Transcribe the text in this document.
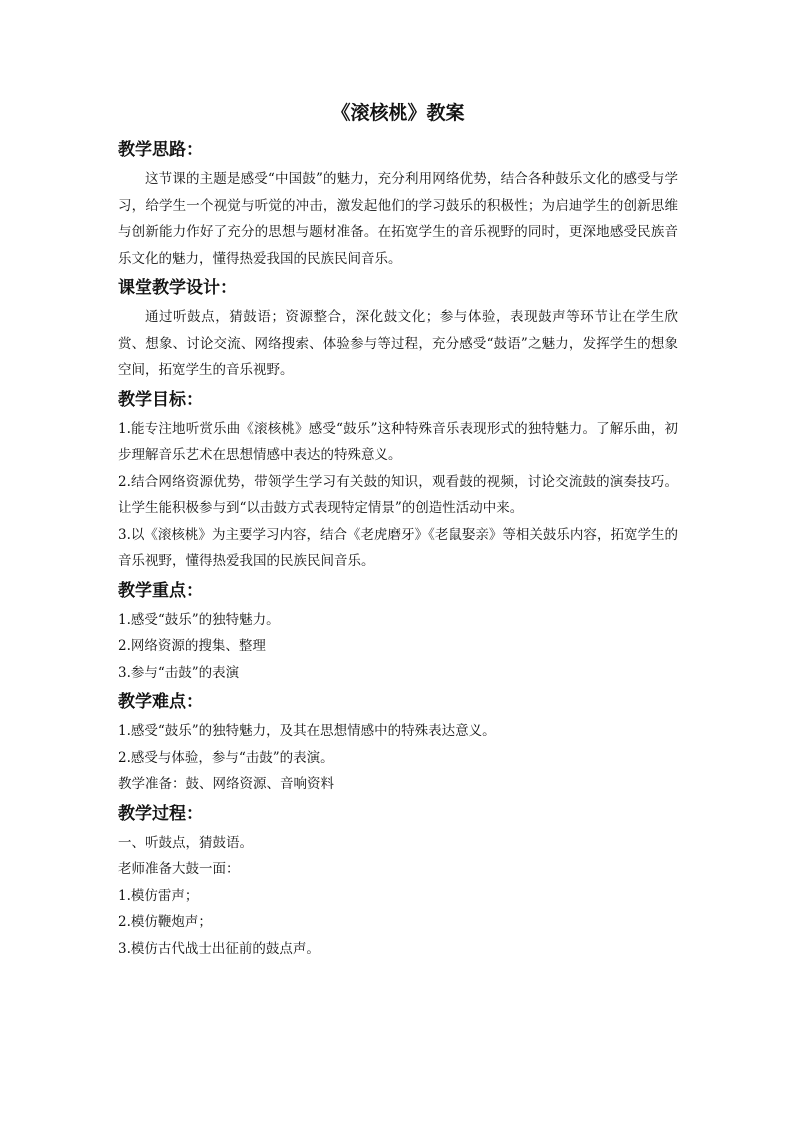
《滚核桃》教案
教学思路：

这节课的主题是感受“中国鼓”的魅力，充分利用网络优势，结合各种鼓乐文化的感受与学习，给学生一个视觉与听觉的冲击，激发起他们的学习鼓乐的积极性；为启迪学生的创新思维与创新能力作好了充分的思想与题材准备。在拓宽学生的音乐视野的同时，更深地感受民族音乐文化的魅力，懂得热爱我国的民族民间音乐。

课堂教学设计：

通过听鼓点，猜鼓语；资源整合，深化鼓文化；参与体验，表现鼓声等环节让在学生欣赏、想象、讨论交流、网络搜索、体验参与等过程，充分感受“鼓语”之魅力，发挥学生的想象空间，拓宽学生的音乐视野。

教学目标：

1.能专注地听赏乐曲《滚核桃》感受“鼓乐”这种特殊音乐表现形式的独特魅力。了解乐曲，初步理解音乐艺术在思想情感中表达的特殊意义。

2.结合网络资源优势，带领学生学习有关鼓的知识，观看鼓的视频，讨论交流鼓的演奏技巧。让学生能积极参与到“以击鼓方式表现特定情景”的创造性活动中来。

3.以《滚核桃》为主要学习内容，结合《老虎磨牙》《老鼠娶亲》等相关鼓乐内容，拓宽学生的音乐视野，懂得热爱我国的民族民间音乐。

教学重点：

1.感受“鼓乐”的独特魅力。

2.网络资源的搜集、整理

3.参与“击鼓”的表演

教学难点：

1.感受“鼓乐”的独特魅力，及其在思想情感中的特殊表达意义。

2.感受与体验，参与“击鼓”的表演。

教学准备：鼓、网络资源、音响资料

教学过程：

一、听鼓点，猜鼓语。

老师准备大鼓一面：

1.模仿雷声；

2.模仿鞭炮声；

3.模仿古代战士出征前的鼓点声。
